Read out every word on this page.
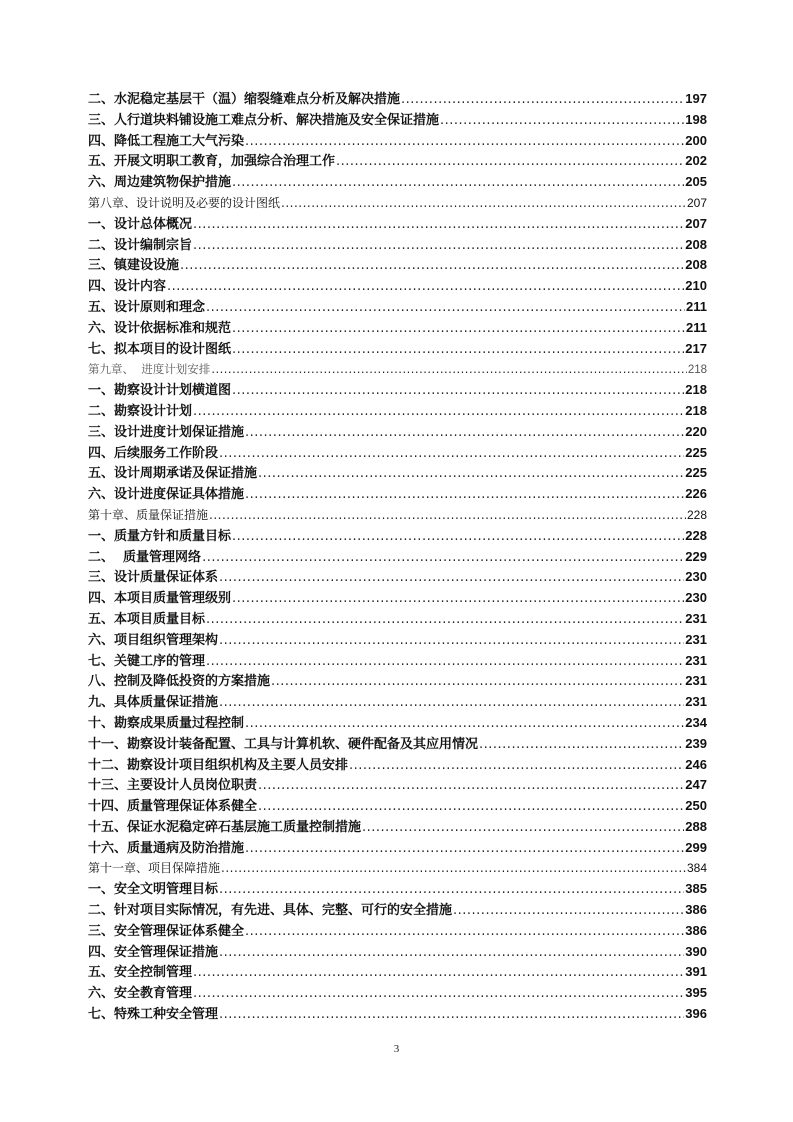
二、水泥稳定基层干（温）缩裂缝难点分析及解决措施 .....	197
三、人行道块料铺设施工难点分析、解决措施及安全保证措施 .....	198
四、降低工程施工大气污染 .....	200
五、开展文明职工教育，加强综合治理工作 .....	202
六、周边建筑物保护措施 .....	205
第八章、设计说明及必要的设计图纸 .....	207
一、设计总体概况 .....	207
二、设计编制宗旨 .....	208
三、镇建设设施 .....	208
四、设计内容 .....	210
五、设计原则和理念 .....	211
六、设计依据标准和规范 .....	211
七、拟本项目的设计图纸 .....	217
第九章、  进度计划安排 .....	218
一、勘察设计计划横道图 .....	218
二、勘察设计计划 .....	218
三、设计进度计划保证措施 .....	220
四、后续服务工作阶段 .....	225
五、设计周期承诺及保证措施 .....	225
六、设计进度保证具体措施 .....	226
第十章、质量保证措施 .....	228
一、质量方针和质量目标 .....	228
二、  质量管理网络 .....	229
三、设计质量保证体系 .....	230
四、本项目质量管理级别 .....	230
五、本项目质量目标 .....	231
六、项目组织管理架构 .....	231
七、关键工序的管理 .....	231
八、控制及降低投资的方案措施 .....	231
九、具体质量保证措施 .....	231
十、勘察成果质量过程控制 .....	234
十一、勘察设计装备配置、工具与计算机软、硬件配备及其应用情况 .....	239
十二、勘察设计项目组织机构及主要人员安排 .....	246
十三、主要设计人员岗位职责 .....	247
十四、质量管理保证体系健全 .....	250
十五、保证水泥稳定碎石基层施工质量控制措施 .....	288
十六、质量通病及防治措施 .....	299
第十一章、项目保障措施 .....	384
一、安全文明管理目标 .....	385
二、针对项目实际情况，有先进、具体、完整、可行的安全措施 .....	386
三、安全管理保证体系健全 .....	386
四、安全管理保证措施 .....	390
五、安全控制管理 .....	391
六、安全教育管理 .....	395
七、特殊工种安全管理 .....	396
3
